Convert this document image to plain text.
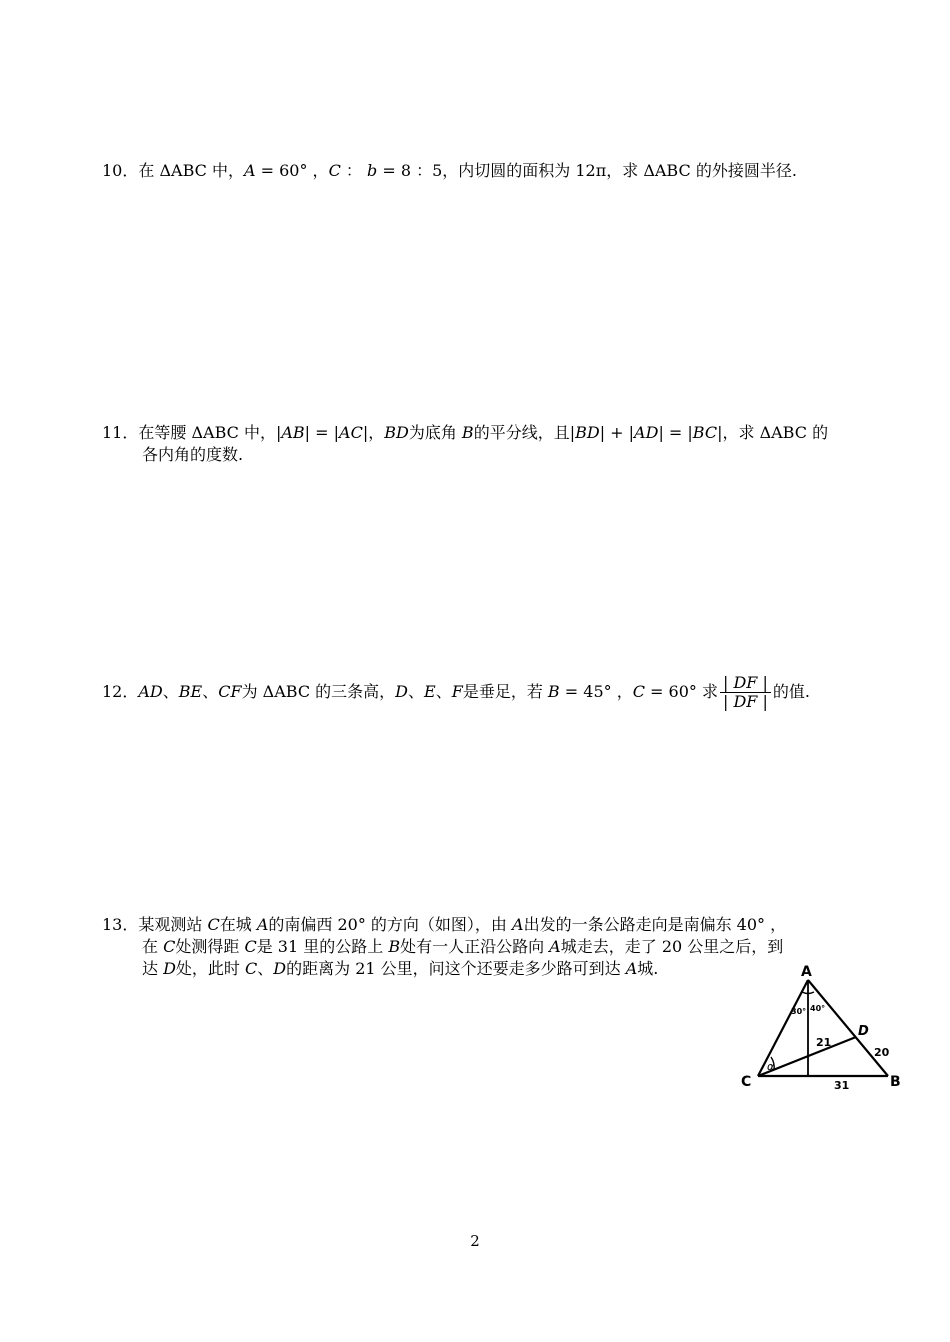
10．在 ΔABC 中，A = 60° ，C ： b = 8 ：5，内切圆的面积为 12π，求 ΔABC 的外接圆半径.
11．在等腰 ΔABC 中，|AB| = |AC|，BD为底角 B的平分线，且|BD| + |AD| = |BC|，求 ΔABC 的
各内角的度数.
12．AD、BE、CF为 ΔABC 的三条高，D、E、F是垂足，若 B = 45° ，C = 60° 求 $\frac{| DF |}{| DF |}$ 的值.
13．某观测站 C在城 A的南偏西 20° 的方向（如图），由 A出发的一条公路走向是南偏东 40° ，
在 C处测得距 C是 31 里的公路上 B处有一人正沿公路向 A城走去，走了 20 公里之后，到
达 D处，此时 C、D的距离为 21 公里，问这个还要走多少路可到达 A城.	A
B
C
D
21
20
31
α
30° 40°
2
